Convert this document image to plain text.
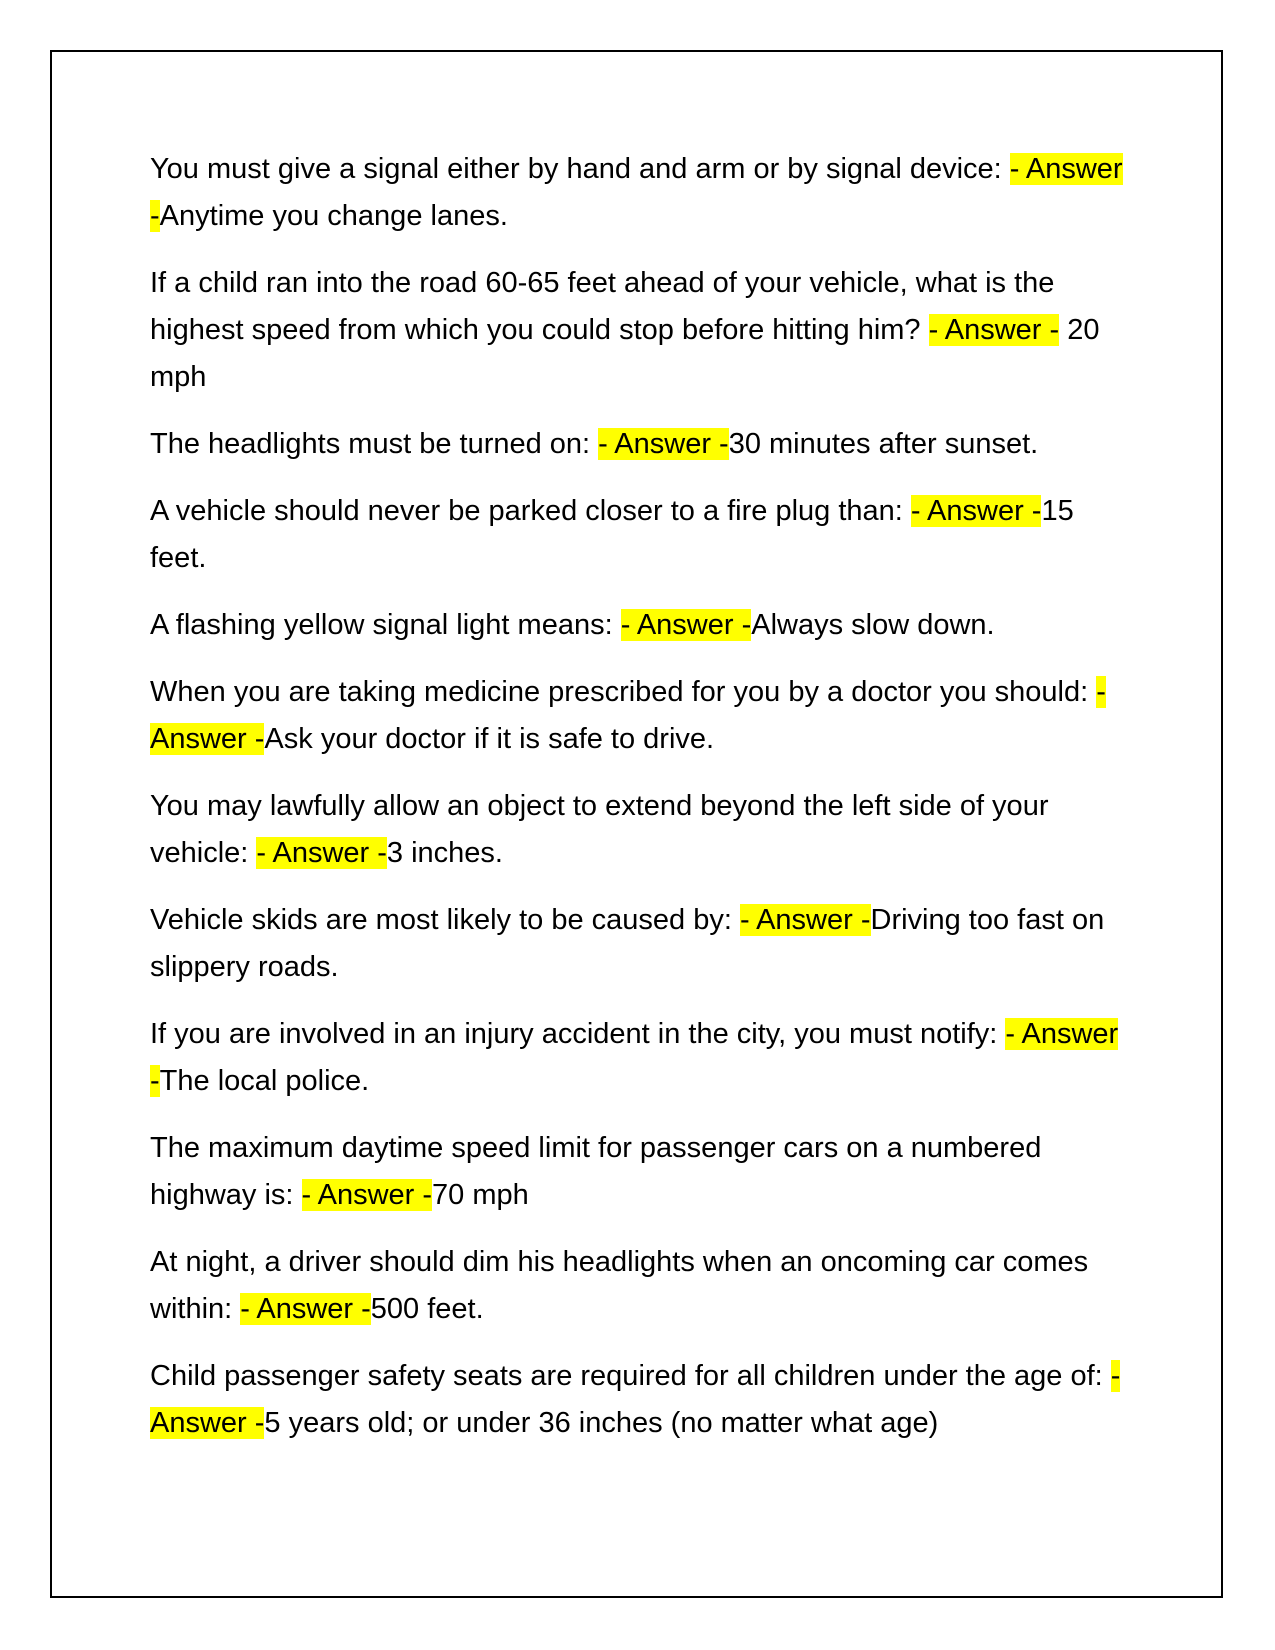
You must give a signal either by hand and arm or by signal device: - Answer -Anytime you change lanes.

If a child ran into the road 60-65 feet ahead of your vehicle, what is the highest speed from which you could stop before hitting him? - Answer - 20 mph

The headlights must be turned on: - Answer -30 minutes after sunset.

A vehicle should never be parked closer to a fire plug than: - Answer -15 feet.

A flashing yellow signal light means: - Answer -Always slow down.

When you are taking medicine prescribed for you by a doctor you should: - Answer -Ask your doctor if it is safe to drive.

You may lawfully allow an object to extend beyond the left side of your vehicle: - Answer -3 inches.

Vehicle skids are most likely to be caused by: - Answer -Driving too fast on slippery roads.

If you are involved in an injury accident in the city, you must notify: - Answer -The local police.

The maximum daytime speed limit for passenger cars on a numbered highway is: - Answer -70 mph

At night, a driver should dim his headlights when an oncoming car comes within: - Answer -500 feet.

Child passenger safety seats are required for all children under the age of: - Answer -5 years old; or under 36 inches (no matter what age)
